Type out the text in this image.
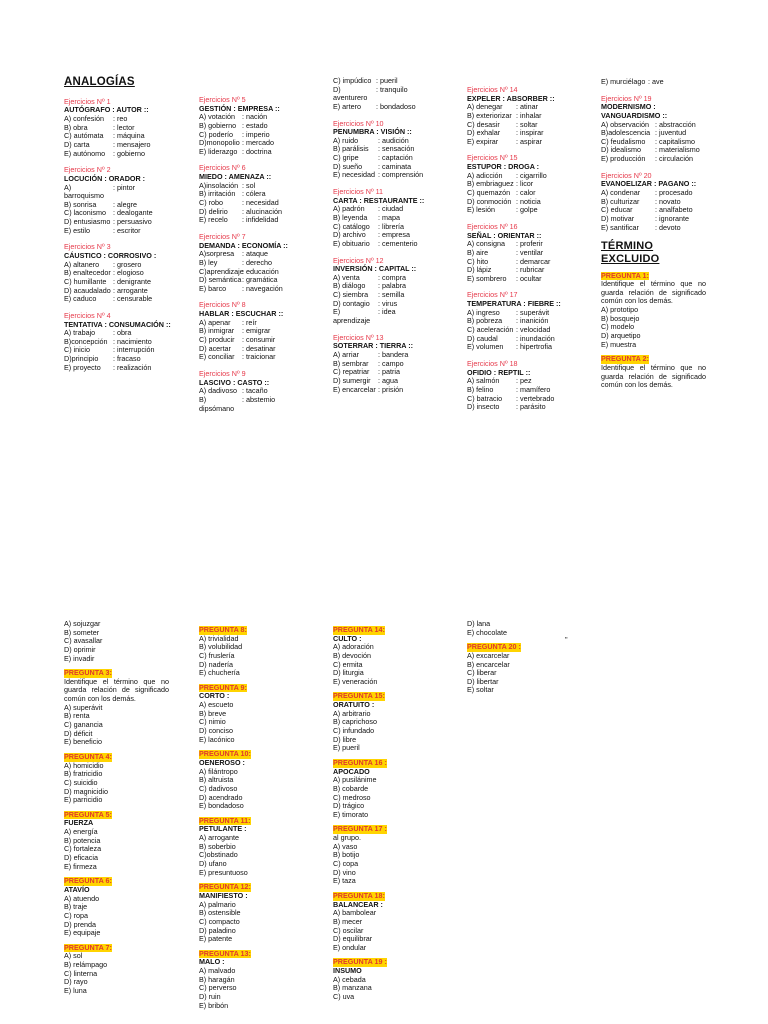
ANALOGÍAS
Ejercicios Nº 1
AUTÓGRAFO : AUTOR ::
A) confesión	: reo
B) obra	: lector
C) autómata	: máquina
D) carta	: mensajero
E) autónomo	: gobierno
Ejercicios Nº 2
LOCUCIÓN : ORADOR :
A) barroquismo
: pintor
B) sonrisa	: alegre
C) laconismo : dealogante
D) entusiasmo : persuasivo
E) estilo	: escritor
Ejercicios Nº 3
CÁUSTICO : CORROSIVO :
A) altanero	: grosero
B) enaltecedor : elogioso
C) humillante : denigrante
D) acaudalado : arrogante
E) caduco	: censurable
Ejercicios Nº 4
TENTATIVA : CONSUMACIÓN ::
A) trabajo	: obra
B)concepción : nacimiento
C) inicio	: interrupción
D)principio	: fracaso
E) proyecto	: realización
Ejercicios Nº 5
GESTIÓN : EMPRESA ::
A) votación : nación
B) gobierno : estado
C) poderío	: imperio
D)monopolio : mercado
E) liderazgo : doctrina
Ejercicios Nº 6
MIEDO : AMENAZA ::
A)insolación : sol
B) irritación : cólera
C) robo	: necesidad
D) delirio	: alucinación
E) recelo	: infidelidad
Ejercicios Nº 7
DEMANDA : ECONOMÍA ::
A)sorpresa	: ataque
B) ley	: derecho
C)aprendizaje
: educación
D) semántica : gramática
E) barco	: navegación
Ejercicios Nº 8
HABLAR : ESCUCHAR ::
A) apenar	: reír
B) inmigrar	: emigrar
C) producir	: consumir
D) acertar	: desatinar
E) conciliar	: traicionar
Ejercicios Nº 9
LASCIVO : CASTO ::
A) dadivoso : tacaño
B) dipsómano
: abstemio
C) impúdico : pueril
D) aventurero
: tranquilo
E) artero	: bondadoso
Ejercicios Nº 10
PENUMBRA : VISIÓN ::
A) ruido	: audición
B) parálisis	: sensación
C) gripe	: captación
D) sueño	: caminata
E) necesidad : comprensión
Ejercicios Nº 11
CARTA : RESTAURANTE ::
A) padrón	: ciudad
B) leyenda	: mapa
C) catálogo	: librería
D) archivo	: empresa
E) obituario	: cementerio
Ejercicios Nº 12
INVERSIÓN : CAPITAL ::
A) venta	: compra
B) diálogo	: palabra
C) siembra	: semilla
D) contagio	: virus
E) aprendizaje
: idea
Ejercicios Nº 13
SOTERRAR : TIERRA ::
A) arriar	: bandera
B) sembrar	: campo
C) repatriar	: patria
D) sumergir	: agua
E) encarcelar : prisión
Ejercicios Nº 14
EXPELER : ABSORBER ::
A) denegar	: atinar
B) exteriorizar : inhalar
C) desasir	: soltar
D) exhalar	: inspirar
E) expirar	: aspirar
Ejercicios Nº 15
ESTUPOR : DROGA :
A) adicción	: cigarrillo
B) embriaguez : licor
C) quemazón : calor
D) conmoción : noticia
E) lesión	: golpe
Ejercicios Nº 16
SEÑAL : ORIENTAR ::
A) consigna	: proferir
B) aire	: ventilar
C) hito	: demarcar
D) lápiz	: rubricar
E) sombrero	: ocultar
Ejercicios Nº 17
TEMPERATURA : FIEBRE ::
A) ingreso	: superávit
B) pobreza	: inanición
C) aceleración : velocidad
D) caudal	: inundación
E) volumen	: hipertrofia
Ejercicios Nº 18
OFIDIO : REPTIL ::
A) salmón	: pez
B) felino	: mamífero
C) batracio	: vertebrado
D) insecto	: parásito
E) murciélago : ave
Ejercicios Nº 19
MODERNISMO : VANGUARDISMO ::
A) observación : abstracción
B)adolescencia : juventud
C) feudalismo	: capitalismo
D) idealismo	: materialismo
E) producción	: circulación
Ejercicios Nº 20
EVANOELIZAR : PAGANO ::
A) condenar	: procesado
B) culturizar	: novato
C) educar	: analfabeto
D) motivar	: ignorante
E) santificar	: devoto
TÉRMINO EXCLUIDO
PREGUNTA 1:
Identifique el término que no guarda relación de significado común con los demás.
A) prototipo
B) bosquejo
C) modelo
D) arquetipo
E) muestra
PREGUNTA 2:
Identifique el término que no guarda relación de significado común con los demás.
A) sojuzgar
B) someter
C) avasallar
D) oprimir
E) invadir
PREGUNTA 3:
Identifique el término que no guarda relación de significado común con los demás.
A) superávit
B) renta
C) ganancia
D) déficit
E) beneficio
PREGUNTA 4:
A) homicidio
B) fratricidio
C) suicidio
D) magnicidio
E) parricidio
PREGUNTA 5:
FUERZA
A) energía
B) potencia
C) fortaleza
D) eficacia
E) firmeza
PREGUNTA 6:
ATAVÍO
A) atuendo
B) traje
C) ropa
D) prenda
E) equipaje
PREGUNTA 7:
A) sol
B) relámpago
C) linterna
D) rayo
E) luna
PREGUNTA 8:
A) trivialidad
B) volubilidad
C) fruslería
D) nadería
E) chuchería
PREGUNTA 9:
CORTO :
A) escueto
B) breve
C) nimio
D) conciso
E) lacónico
PREGUNTA 10:
OENEROSO :
A) filántropo
B) altruista
C) dadivoso
D) acendrado
E) bondadoso
PREGUNTA 11:
PETULANTE :
A) arrogante
B) soberbio
C)obstinado
D) ufano
E) presuntuoso
PREGUNTA 12:
MANIFIESTO :
A) palmario
B) ostensible
C) compacto
D) paladino
E) patente
PREGUNTA 13:
MALO :
A) malvado
B) haragán
C) perverso
D) ruin
E) bribón
PREGUNTA 14:
CULTO :
A) adoración
B) devoción
C) ermita
D) liturgia
E) veneración
PREGUNTA 15:
ORATUITO :
A) arbitrario
B) caprichoso
C) infundado
D) libre
E) pueril
PREGUNTA 16 :
APOCADO
A) pusilánime
B) cobarde
C) medroso
D) trágico
E) timorato
PREGUNTA 17 :
al grupo.
A) vaso
B) botijo
C) copa
D) vino
E) taza
PREGUNTA 18:
BALANCEAR :
A) bambolear
B) mecer
C) oscilar
D) equilibrar
E) ondular
PREGUNTA 19 :
INSUMO
A) cebada
B) manzana
C) uva
D) lana
E) chocolate
PREGUNTA 20 :
A) excarcelar
B) encarcelar
C) liberar
D) libertar
E) soltar
"
